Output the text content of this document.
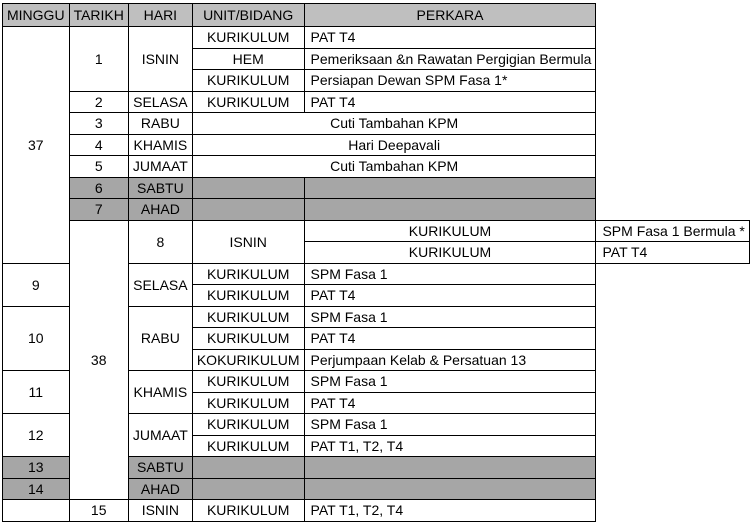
MINGGU	TARIKH	HARI	UNIT/BIDANG	PERKARA	
37	1	ISNIN	KURIKULUM	PAT T4	
			HEM	Pemeriksaan &n Rawatan Pergigian Bermula	
			KURIKULUM	Persiapan Dewan SPM Fasa 1*	
	2	SELASA	KURIKULUM	PAT T4	
	3	RABU	Cuti Tambahan KPM		
	4	KHAMIS	Hari Deepavali		
	5	JUMAAT	Cuti Tambahan KPM		
	6	SABTU			
	7	AHAD			
	38	8	ISNIN	KURIKULUM	SPM Fasa 1 Bermula *
				KURIKULUM	PAT T4
9		SELASA	KURIKULUM	SPM Fasa 1	
			KURIKULUM	PAT T4	
10		RABU	KURIKULUM	SPM Fasa 1	
			KURIKULUM	PAT T4	
			KOKURIKULUM	Perjumpaan Kelab & Persatuan 13	
11		KHAMIS	KURIKULUM	SPM Fasa 1	
			KURIKULUM	PAT T4	
12		JUMAAT	KURIKULUM	SPM Fasa 1	
			KURIKULUM	PAT T1, T2, T4	
13		SABTU			
14		AHAD			
	15	ISNIN	KURIKULUM	PAT T1, T2, T4	
